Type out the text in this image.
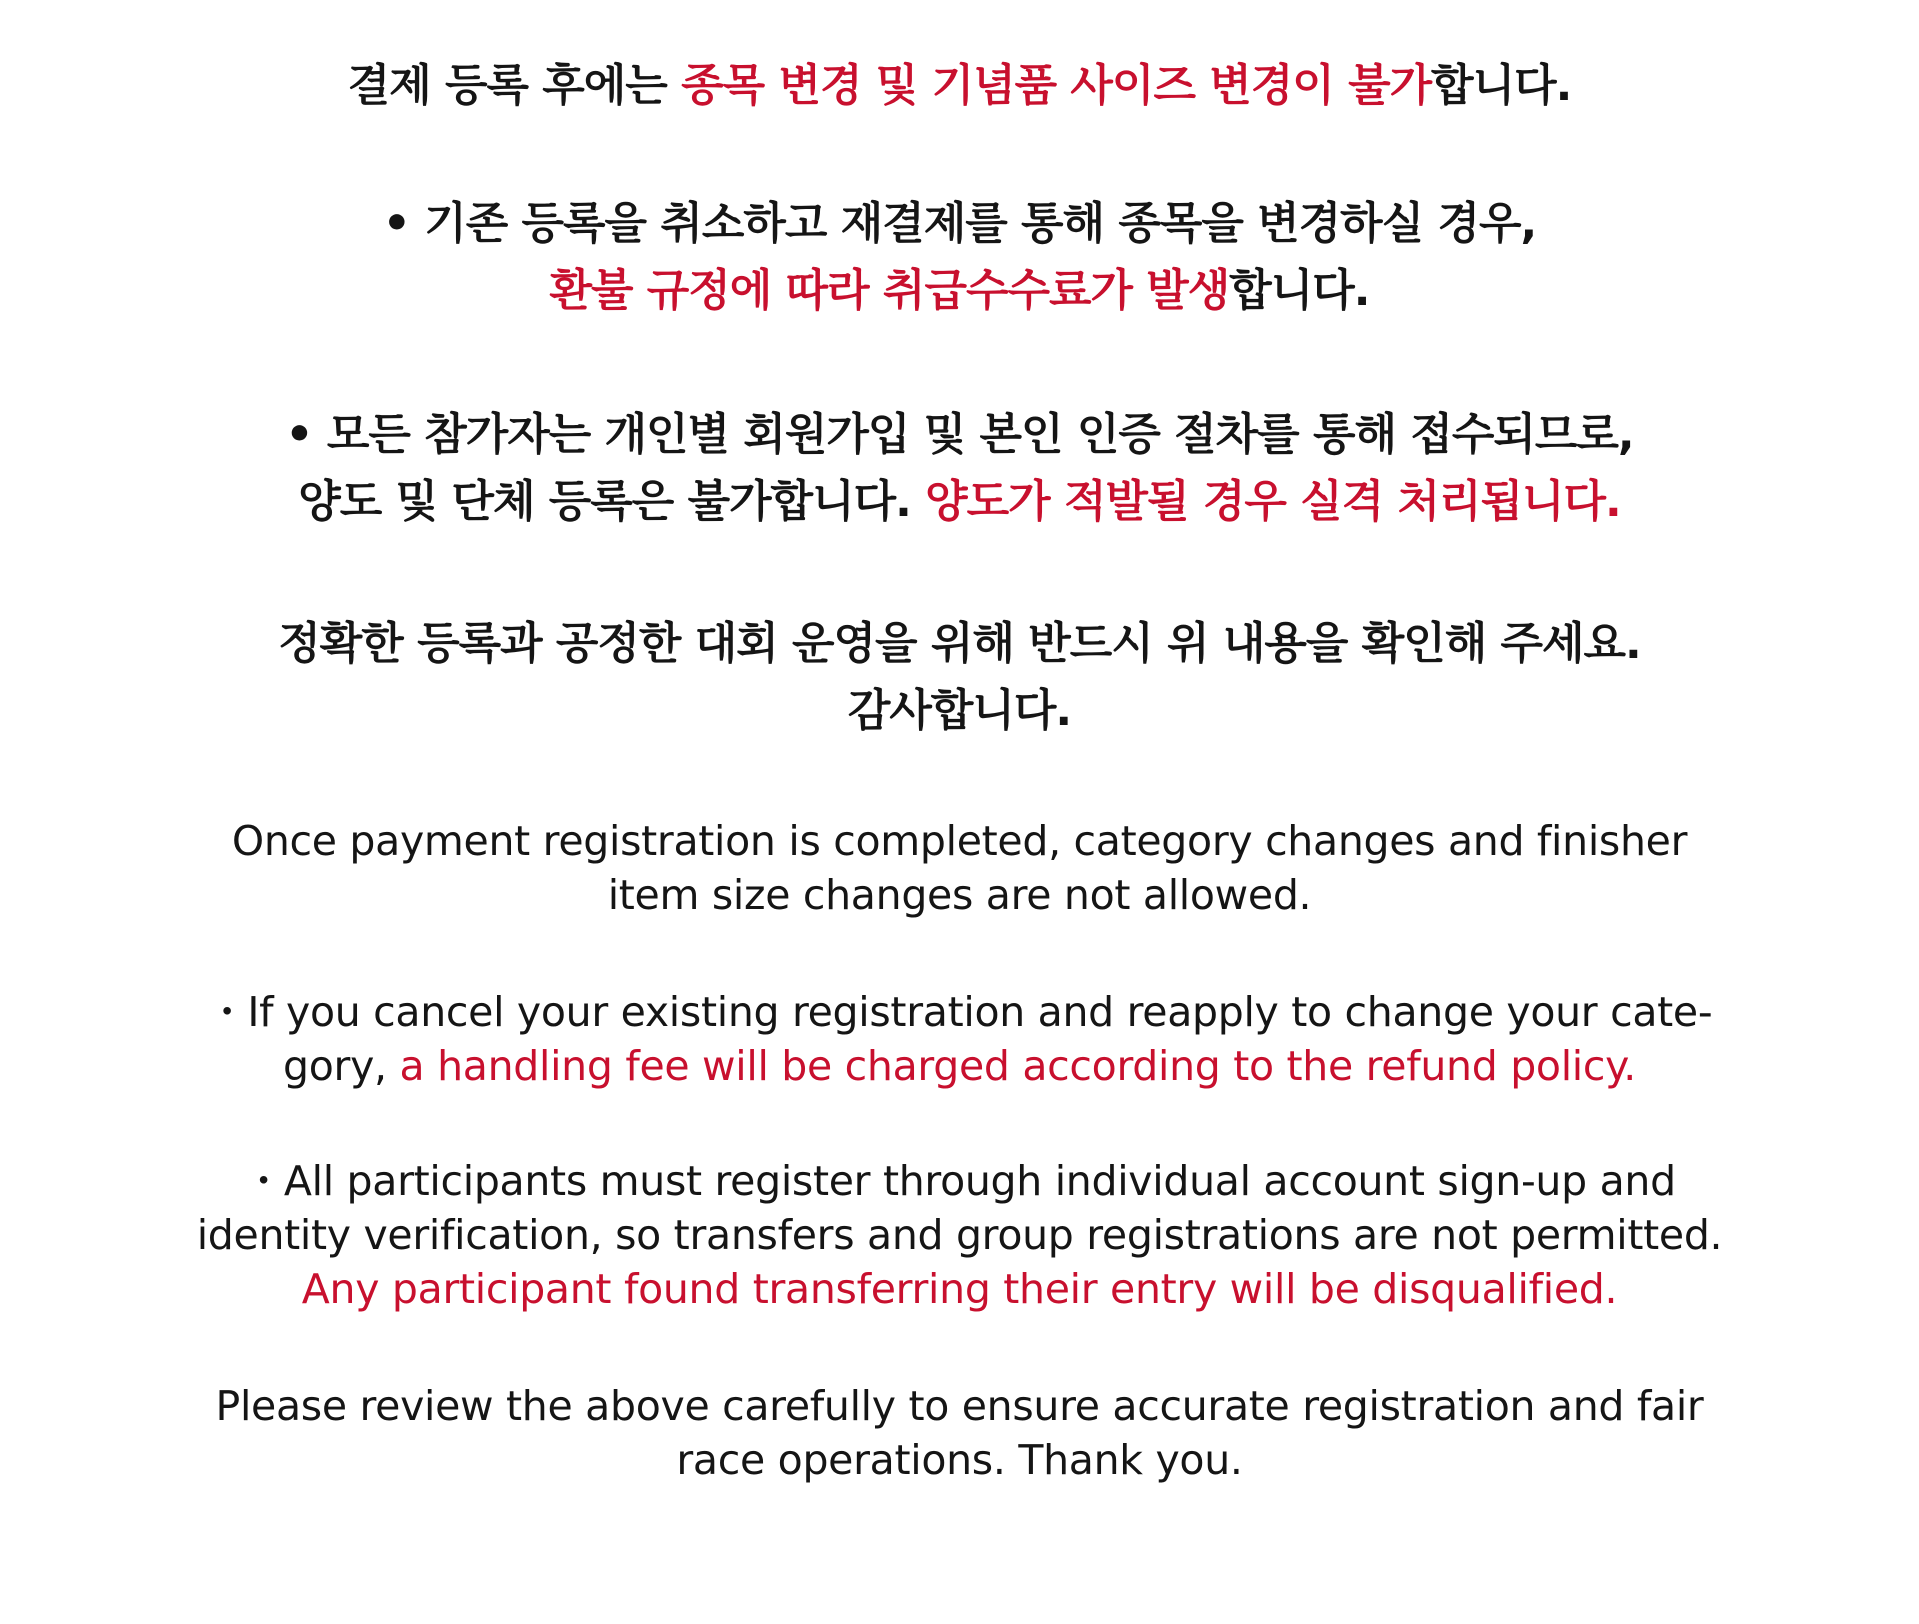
결제 등록 후에는 종목 변경 및 기념품 사이즈 변경이 불가합니다.
• 기존 등록을 취소하고 재결제를 통해 종목을 변경하실 경우,
환불 규정에 따라 취급수수료가 발생합니다.
• 모든 참가자는 개인별 회원가입 및 본인 인증 절차를 통해 접수되므로,
양도 및 단체 등록은 불가합니다. 양도가 적발될 경우 실격 처리됩니다.
정확한 등록과 공정한 대회 운영을 위해 반드시 위 내용을 확인해 주세요.
감사합니다.
Once payment registration is completed, category changes and finisher
item size changes are not allowed.
・If you cancel your existing registration and reapply to change your cate-
gory, a handling fee will be charged according to the refund policy.
・All participants must register through individual account sign-up and
identity verification, so transfers and group registrations are not permitted.
Any participant found transferring their entry will be disqualified.
Please review the above carefully to ensure accurate registration and fair
race operations. Thank you.
